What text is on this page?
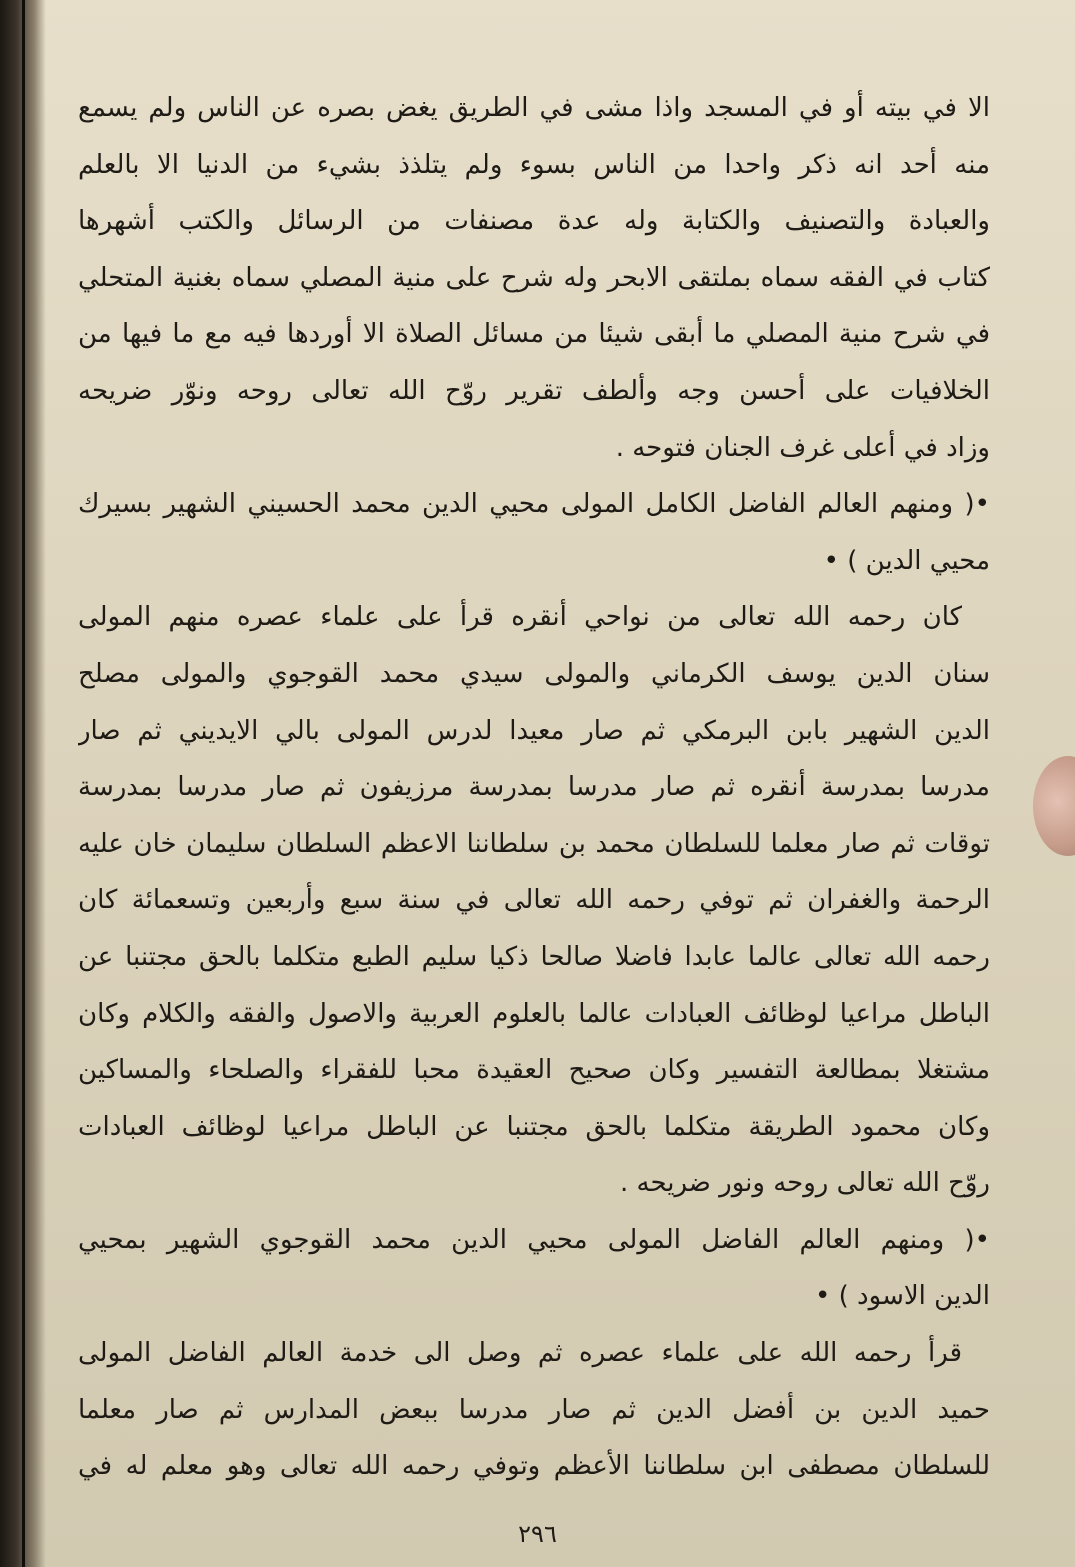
الا في بيته أو في المسجد واذا مشى في الطريق يغض بصره عن الناس ولم يسمع
منه أحد انه ذكر واحدا من الناس بسوء ولم يتلذذ بشيء من الدنيا الا بالعلم
والعبادة والتصنيف والكتابة وله عدة مصنفات من الرسائل والكتب أشهرها
كتاب في الفقه سماه بملتقى الابحر وله شرح على منية المصلي سماه بغنية المتحلي
في شرح منية المصلي ما أبقى شيئا من مسائل الصلاة الا أوردها فيه مع ما فيها من
الخلافيات على أحسن وجه وألطف تقرير روّح الله تعالى روحه ونوّر ضريحه
وزاد في أعلى غرف الجنان فتوحه .
•( ومنهم العالم الفاضل الكامل المولى محيي الدين محمد الحسيني الشهير بسيرك
محيي الدين ) •
كان رحمه الله تعالى من نواحي أنقره قرأ على علماء عصره منهم المولى
سنان الدين يوسف الكرماني والمولى سيدي محمد القوجوي والمولى مصلح
الدين الشهير بابن البرمكي ثم صار معيدا لدرس المولى بالي الايديني ثم صار
مدرسا بمدرسة أنقره ثم صار مدرسا بمدرسة مرزيفون ثم صار مدرسا بمدرسة
توقات ثم صار معلما للسلطان محمد بن سلطاننا الاعظم السلطان سليمان خان عليه
الرحمة والغفران ثم توفي رحمه الله تعالى في سنة سبع وأربعين وتسعمائة كان
رحمه الله تعالى عالما عابدا فاضلا صالحا ذكيا سليم الطبع متكلما بالحق مجتنبا عن
الباطل مراعيا لوظائف العبادات عالما بالعلوم العربية والاصول والفقه والكلام وكان
مشتغلا بمطالعة التفسير وكان صحيح العقيدة محبا للفقراء والصلحاء والمساكين
وكان محمود الطريقة متكلما بالحق مجتنبا عن الباطل مراعيا لوظائف العبادات
روّح الله تعالى روحه ونور ضريحه .
•( ومنهم العالم الفاضل المولى محيي الدين محمد القوجوي الشهير بمحيي
الدين الاسود ) •
قرأ رحمه الله على علماء عصره ثم وصل الى خدمة العالم الفاضل المولى
حميد الدين بن أفضل الدين ثم صار مدرسا ببعض المدارس ثم صار معلما
للسلطان مصطفى ابن سلطاننا الأعظم وتوفي رحمه الله تعالى وهو معلم له في
٢٩٦
